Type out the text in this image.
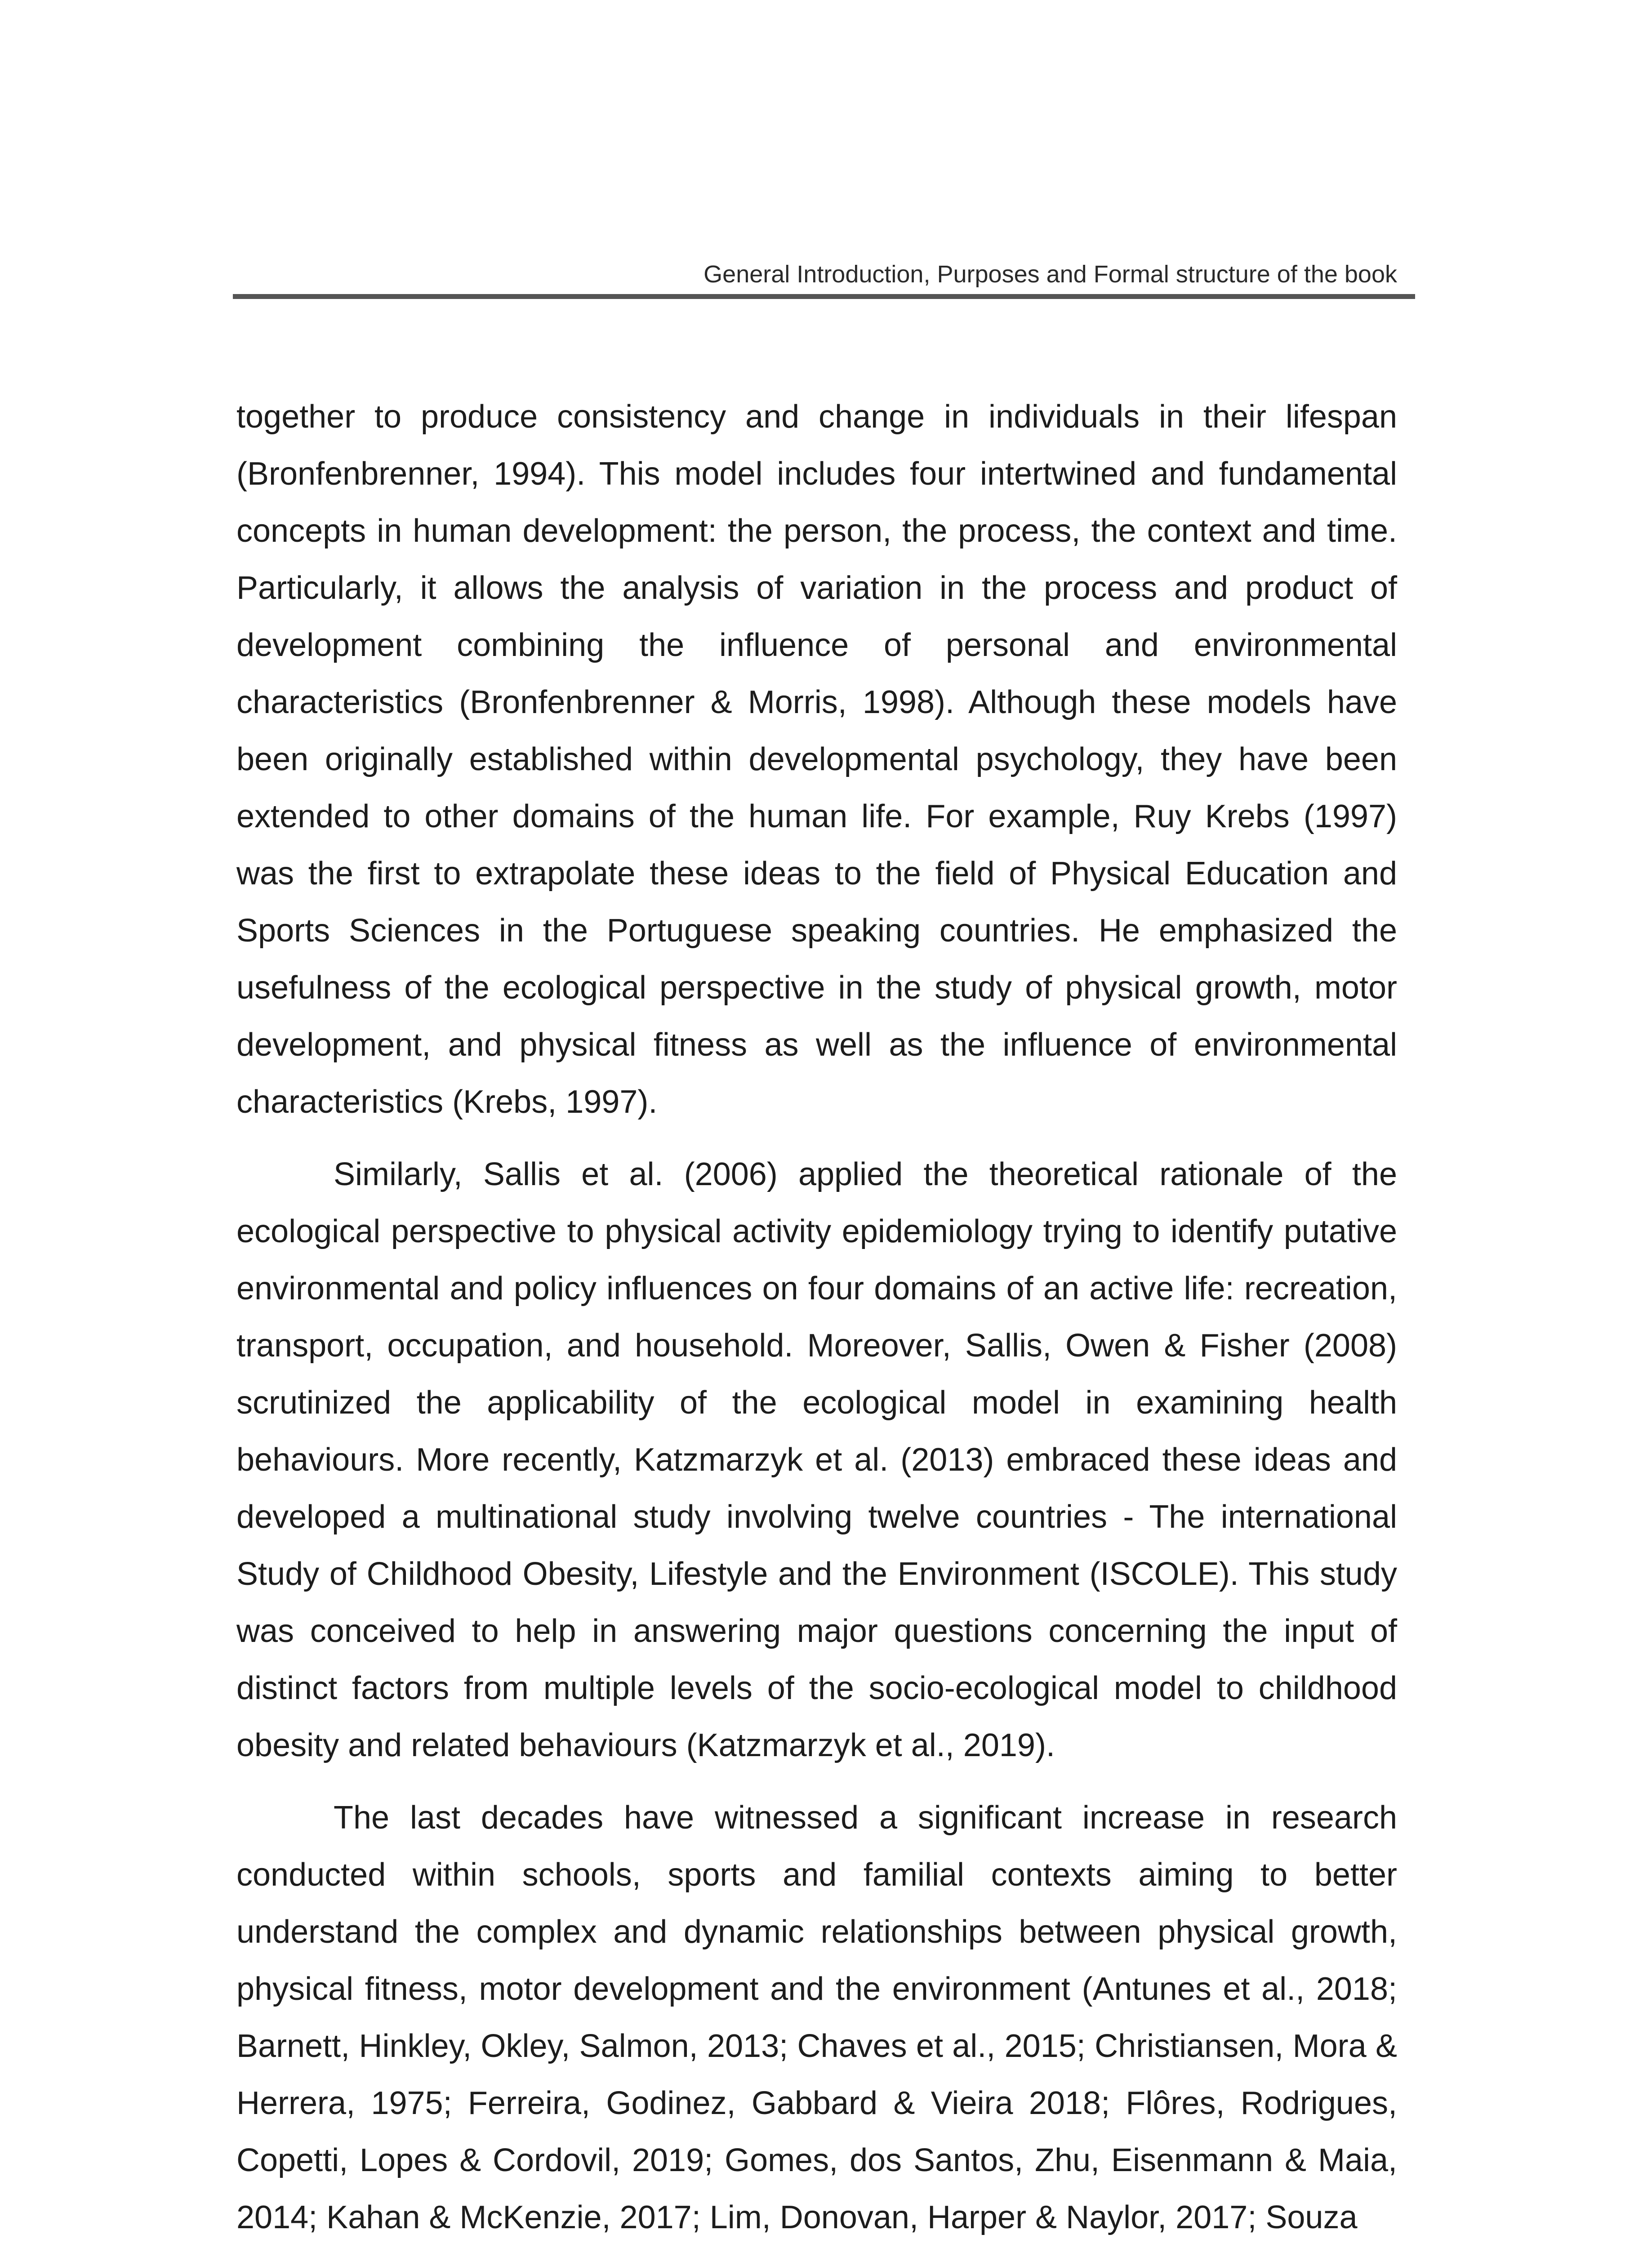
General Introduction, Purposes and Formal structure of the book

together to produce consistency and change in individuals in their lifespan (Bronfenbrenner, 1994). This model includes four intertwined and fundamental concepts in human development: the person, the process, the context and time. Particularly, it allows the analysis of variation in the process and product of development combining the influence of personal and environmental characteristics (Bronfenbrenner & Morris, 1998). Although these models have been originally established within developmental psychology, they have been extended to other domains of the human life. For example, Ruy Krebs (1997) was the first to extrapolate these ideas to the field of Physical Education and Sports Sciences in the Portuguese speaking countries. He emphasized the usefulness of the ecological perspective in the study of physical growth, motor development, and physical fitness as well as the influence of environmental characteristics (Krebs, 1997).

Similarly, Sallis et al. (2006) applied the theoretical rationale of the ecological perspective to physical activity epidemiology trying to identify putative environmental and policy influences on four domains of an active life: recreation, transport, occupation, and household. Moreover, Sallis, Owen & Fisher (2008) scrutinized the applicability of the ecological model in examining health behaviours. More recently, Katzmarzyk et al. (2013) embraced these ideas and developed a multinational study involving twelve countries - The international Study of Childhood Obesity, Lifestyle and the Environment (ISCOLE). This study was conceived to help in answering major questions concerning the input of distinct factors from multiple levels of the socio-ecological model to childhood obesity and related behaviours (Katzmarzyk et al., 2019).

The last decades have witnessed a significant increase in research conducted within schools, sports and familial contexts aiming to better understand the complex and dynamic relationships between physical growth, physical fitness, motor development and the environment (Antunes et al., 2018; Barnett, Hinkley, Okley, Salmon, 2013; Chaves et al., 2015; Christiansen, Mora & Herrera, 1975; Ferreira, Godinez, Gabbard & Vieira 2018; Flôres, Rodrigues, Copetti, Lopes & Cordovil, 2019; Gomes, dos Santos, Zhu, Eisenmann & Maia, 2014; Kahan & McKenzie, 2017; Lim, Donovan, Harper & Naylor, 2017; Souza
